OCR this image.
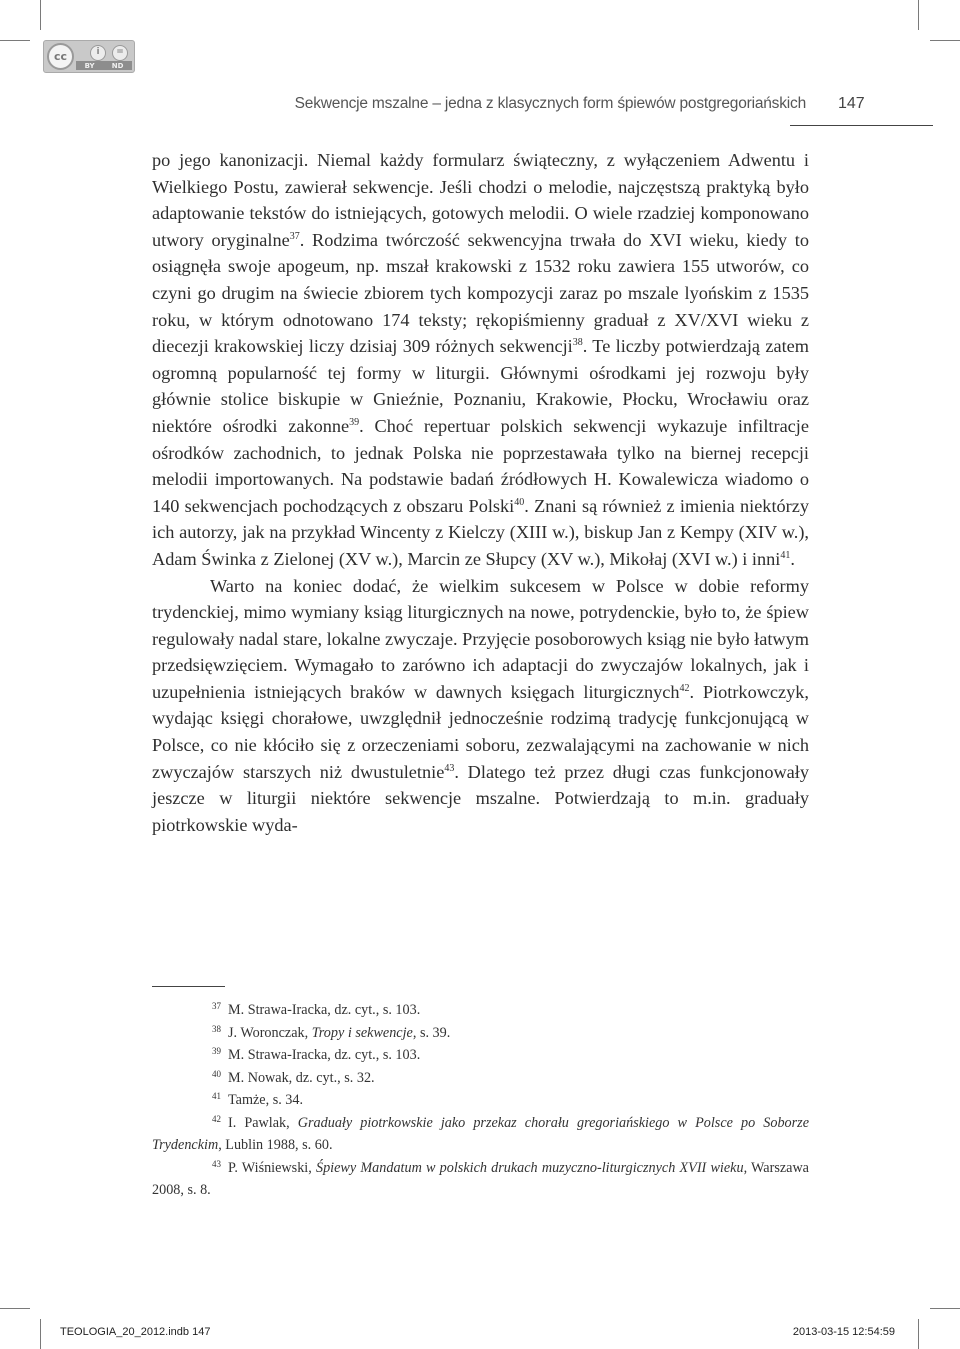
cc	i	=
BY ND
Sekwencje mszalne – jedna z klasycznych form śpiewów postgregoriańskich 147

po jego kanonizacji. Niemal każdy formularz świąteczny, z wyłączeniem Adwentu i Wielkiego Postu, zawierał sekwencje. Jeśli chodzi o melodie, najczęstszą praktyką było adaptowanie tekstów do istniejących, gotowych melodii. O wiele rzadziej komponowano utwory oryginalne$^{37}$. Rodzima twórczość sekwencyjna trwała do XVI wieku, kiedy to osiągnęła swoje apogeum, np. mszał krakowski z 1532 roku zawiera 155 utworów, co czyni go drugim na świecie zbiorem tych kompozycji zaraz po mszale lyońskim z 1535 roku, w którym odnotowano 174 teksty; rękopiśmienny graduał z XV/XVI wieku z diecezji krakowskiej liczy dzisiaj 309 różnych sekwencji$^{38}$. Te liczby potwierdzają zatem ogromną popularność tej formy w liturgii. Głównymi ośrodkami jej rozwoju były głównie stolice biskupie w Gnieźnie, Poznaniu, Krakowie, Płocku, Wrocławiu oraz niektóre ośrodki zakonne$^{39}$. Choć repertuar polskich sekwencji wykazuje infiltracje ośrodków zachodnich, to jednak Polska nie poprzestawała tylko na biernej recepcji melodii importowanych. Na podstawie badań źródłowych H. Kowalewicza wiadomo o 140 sekwencjach pochodzących z obszaru Polski$^{40}$. Znani są również z imienia niektórzy ich autorzy, jak na przykład Wincenty z Kielczy (XIII w.), biskup Jan z Kempy (XIV w.), Adam Świnka z Zielonej (XV w.), Marcin ze Słupcy (XV w.), Mikołaj (XVI w.) i inni$^{41}$.

Warto na koniec dodać, że wielkim sukcesem w Polsce w dobie reformy trydenckiej, mimo wymiany ksiąg liturgicznych na nowe, potrydenckie, było to, że śpiew regulowały nadal stare, lokalne zwyczaje. Przyjęcie posoborowych ksiąg nie było łatwym przedsięwzięciem. Wymagało to zarówno ich adaptacji do zwyczajów lokalnych, jak i uzupełnienia istniejących braków w dawnych księgach liturgicznych$^{42}$. Piotrkowczyk, wydając księgi chorałowe, uwzględnił jednocześnie rodzimą tradycję funkcjonującą w Polsce, co nie kłóciło się z orzeczeniami soboru, zezwalającymi na zachowanie w nich zwyczajów starszych niż dwustuletnie$^{43}$. Dlatego też przez długi czas funkcjonowały jeszcze w liturgii niektóre sekwencje mszalne. Potwierdzają to m.in. graduały piotrkowskie wyda-

$^{37}$ M. Strawa-Iracka, dz. cyt., s. 103.

$^{38}$ J. Woronczak, Tropy i sekwencje, s. 39.

$^{39}$ M. Strawa-Iracka, dz. cyt., s. 103.

$^{40}$ M. Nowak, dz. cyt., s. 32.

$^{41}$ Tamże, s. 34.

$^{42}$ I. Pawlak, Graduały piotrkowskie jako przekaz chorału gregoriańskiego w Polsce po Soborze Trydenckim, Lublin 1988, s. 60.

$^{43}$ P. Wiśniewski, Śpiewy Mandatum w polskich drukach muzyczno-liturgicznych XVII wieku, Warszawa 2008, s. 8.

TEOLOGIA_20_2012.indb 147	2013-03-15 12:54:59
